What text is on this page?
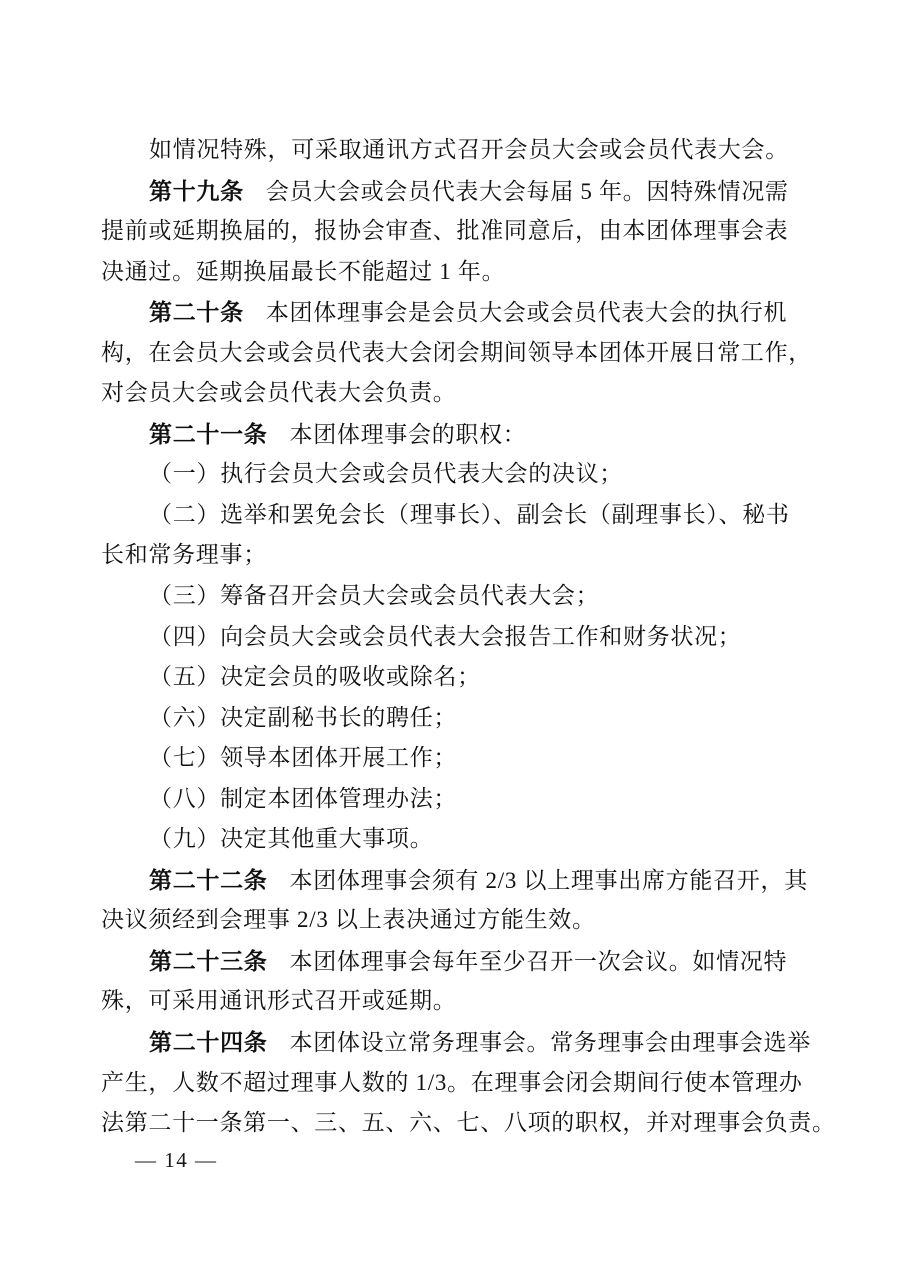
如情况特殊，可采取通讯方式召开会员大会或会员代表大会。
第十九条 会员大会或会员代表大会每届 5 年。因特殊情况需
提前或延期换届的，报协会审查、批准同意后，由本团体理事会表
决通过。延期换届最长不能超过 1 年。
第二十条 本团体理事会是会员大会或会员代表大会的执行机
构，在会员大会或会员代表大会闭会期间领导本团体开展日常工作，
对会员大会或会员代表大会负责。
第二十一条 本团体理事会的职权：
（一）执行会员大会或会员代表大会的决议；
（二）选举和罢免会长（理事长）、副会长（副理事长）、秘书
长和常务理事；
（三）筹备召开会员大会或会员代表大会；
（四）向会员大会或会员代表大会报告工作和财务状况；
（五）决定会员的吸收或除名；
（六）决定副秘书长的聘任；
（七）领导本团体开展工作；
（八）制定本团体管理办法；
（九）决定其他重大事项。
第二十二条 本团体理事会须有 2/3 以上理事出席方能召开，其
决议须经到会理事 2/3 以上表决通过方能生效。
第二十三条 本团体理事会每年至少召开一次会议。如情况特
殊，可采用通讯形式召开或延期。
第二十四条 本团体设立常务理事会。常务理事会由理事会选举
产生，人数不超过理事人数的 1/3。在理事会闭会期间行使本管理办
法第二十一条第一、三、五、六、七、八项的职权，并对理事会负责。
— 14 —
